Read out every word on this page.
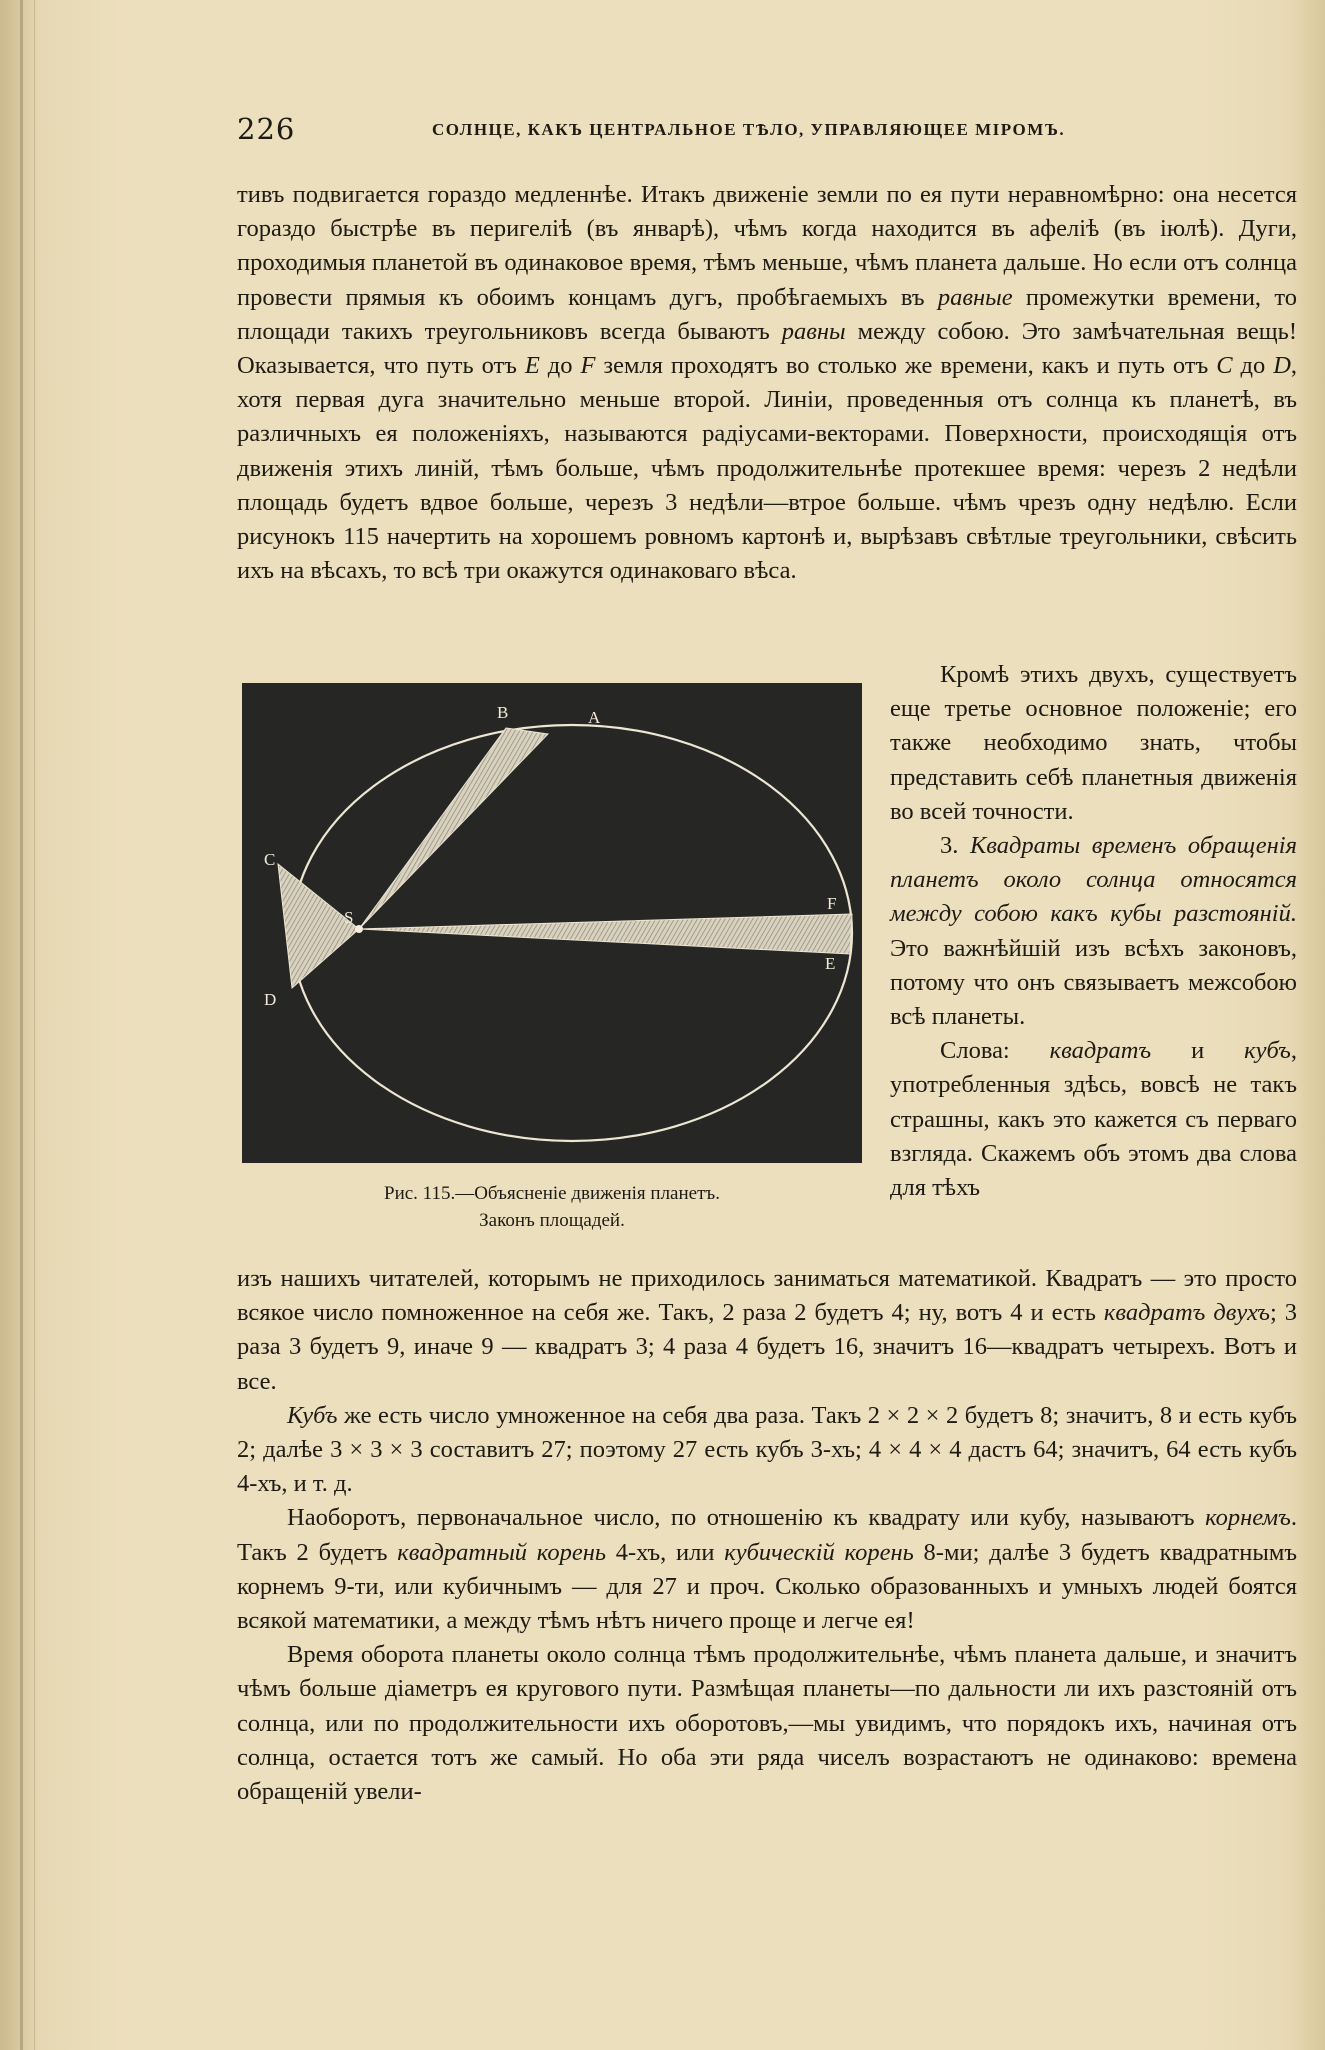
226	СОЛНЦЕ, КАКЪ ЦЕНТРАЛЬНОЕ ТѢЛО, УПРАВЛЯЮЩЕЕ МІРОМЪ.

тивъ подвигается гораздо медленнѣе. Итакъ движеніе земли по ея пути неравномѣрно: она несется гораздо быстрѣе въ перигеліѣ (въ январѣ), чѣмъ когда находится въ афеліѣ (въ іюлѣ). Дуги, проходимыя планетой въ одинаковое время, тѣмъ меньше, чѣмъ планета дальше. Но если отъ солнца провести прямыя къ обоимъ концамъ дугъ, пробѣгаемыхъ въ равные промежутки времени, то площади такихъ треугольниковъ всегда бываютъ равны между собою. Это замѣчательная вещь! Оказывается, что путь отъ E до F земля проходятъ во столько же времени, какъ и путь отъ C до D, хотя первая дуга значительно меньше второй. Линіи, проведенныя отъ солнца къ планетѣ, въ различныхъ ея положеніяхъ, называются радіусами-векторами. Поверхности, происходящія отъ движенія этихъ линій, тѣмъ больше, чѣмъ продолжительнѣе протекшее время: черезъ 2 недѣли площадь будетъ вдвое больше, черезъ 3 недѣли—втрое больше. чѣмъ чрезъ одну недѣлю. Если рисунокъ 115 начертить на хорошемъ ровномъ картонѣ и, вырѣзавъ свѣтлые треугольники, свѣсить ихъ на вѣсахъ, то всѣ три окажутся одинаковаго вѣса.

B	A
C
S
F
E
D
Рис. 115.—Объясненіе движенія планетъ.
Законъ площадей.

Кромѣ этихъ двухъ, существуетъ еще третье основное положеніе; его также необходимо знать, чтобы представить себѣ планетныя движенія во всей точности.

3. Квадраты временъ обращенія планетъ около солнца относятся между собою какъ кубы разстояній. Это важнѣйшій изъ всѣхъ законовъ, потому что онъ связываетъ межсобою всѣ планеты.

Слова: квадратъ и кубъ, употребленныя здѣсь, вовсѣ не такъ страшны, какъ это кажется съ перваго взгляда. Скажемъ объ этомъ два слова для тѣхъ

изъ нашихъ читателей, которымъ не приходилось заниматься математикой. Квадратъ — это просто всякое число помноженное на себя же. Такъ, 2 раза 2 будетъ 4; ну, вотъ 4 и есть квадратъ двухъ; 3 раза 3 будетъ 9, иначе 9 — квадратъ 3; 4 раза 4 будетъ 16, значитъ 16—квадратъ четырехъ. Вотъ и все.

Кубъ же есть число умноженное на себя два раза. Такъ 2 × 2 × 2 будетъ 8; значитъ, 8 и есть кубъ 2; далѣе 3 × 3 × 3 составитъ 27; поэтому 27 есть кубъ 3-хъ; 4 × 4 × 4 дастъ 64; значитъ, 64 есть кубъ 4-хъ, и т. д.

Наоборотъ, первоначальное число, по отношенію къ квадрату или кубу, называютъ корнемъ. Такъ 2 будетъ квадратный корень 4-хъ, или кубическій корень 8-ми; далѣе 3 будетъ квадратнымъ корнемъ 9-ти, или кубичнымъ — для 27 и проч. Сколько образованныхъ и умныхъ людей боятся всякой математики, а между тѣмъ нѣтъ ничего проще и легче ея!

Время оборота планеты около солнца тѣмъ продолжительнѣе, чѣмъ планета дальше, и значитъ чѣмъ больше діаметръ ея кругового пути. Размѣщая планеты—по дальности ли ихъ разстояній отъ солнца, или по продолжительности ихъ оборотовъ,—мы увидимъ, что порядокъ ихъ, начиная отъ солнца, остается тотъ же самый. Но оба эти ряда чиселъ возрастаютъ не одинаково: времена обращеній увели-
